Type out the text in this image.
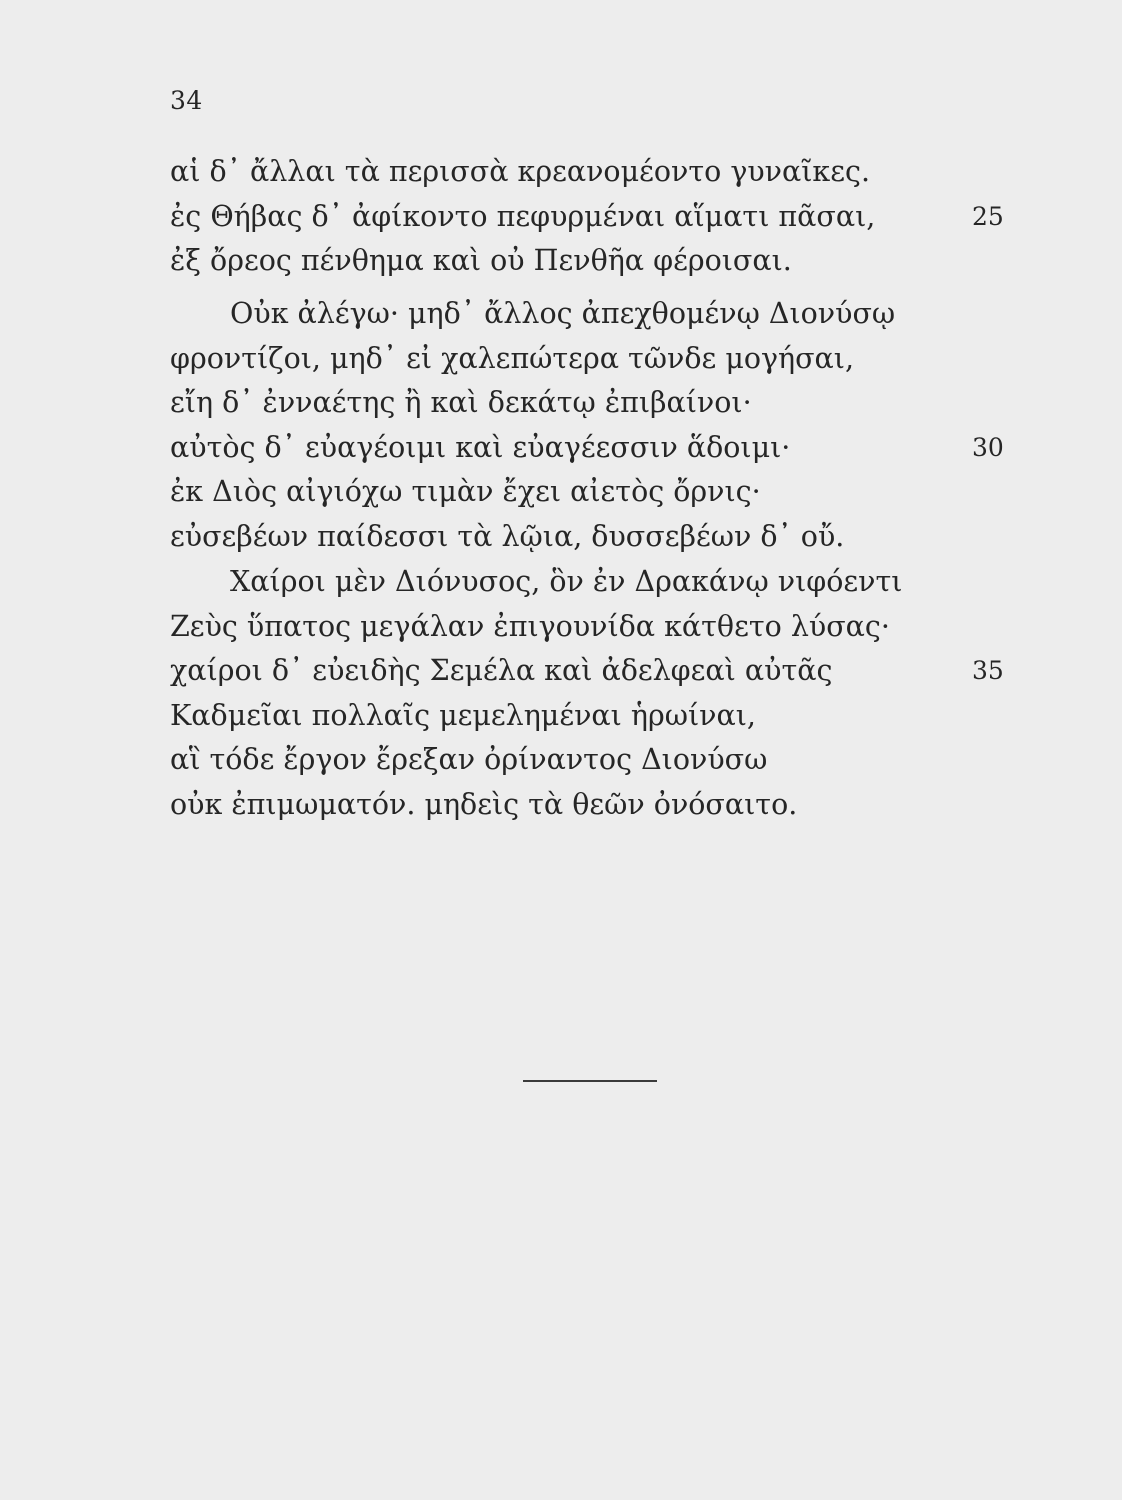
34
αἱ δ᾽ ἄλλαι τὰ περισσὰ κρεανομέοντο γυναῖκες.
ἐς Θήβας δ᾽ ἀφίκοντο πεφυρμέναι αἵματι πᾶσαι,	25
ἐξ ὄρεος πένθημα καὶ οὐ Πενθῆα φέροισαι.
Οὐκ ἀλέγω· μηδ᾽ ἄλλος ἀπεχθομένῳ Διονύσῳ
φροντίζοι, μηδ᾽ εἰ χαλεπώτερα τῶνδε μογήσαι,
εἴη δ᾽ ἐνναέτης ἢ καὶ δεκάτῳ ἐπιβαίνοι·
αὐτὸς δ᾽ εὐαγέοιμι καὶ εὐαγέεσσιν ἅδοιμι·	30
ἐκ Διὸς αἰγιόχω τιμὰν ἔχει αἰετὸς ὄρνις·
εὐσεβέων παίδεσσι τὰ λῷια, δυσσεβέων δ᾽ οὔ.
Χαίροι μὲν Διόνυσος, ὃν ἐν Δρακάνῳ νιφόεντι
Ζεὺς ὕπατος μεγάλαν ἐπιγουνίδα κάτθετο λύσας·
χαίροι δ᾽ εὐειδὴς Σεμέλα καὶ ἀδελφεαὶ αὐτᾶς	35
Καδμεῖαι πολλαῖς μεμελημέναι ἡρωίναι,
αἳ τόδε ἔργον ἔρεξαν ὀρίναντος Διονύσω
οὐκ ἐπιμωματόν. μηδεὶς τὰ θεῶν ὀνόσαιτο.
